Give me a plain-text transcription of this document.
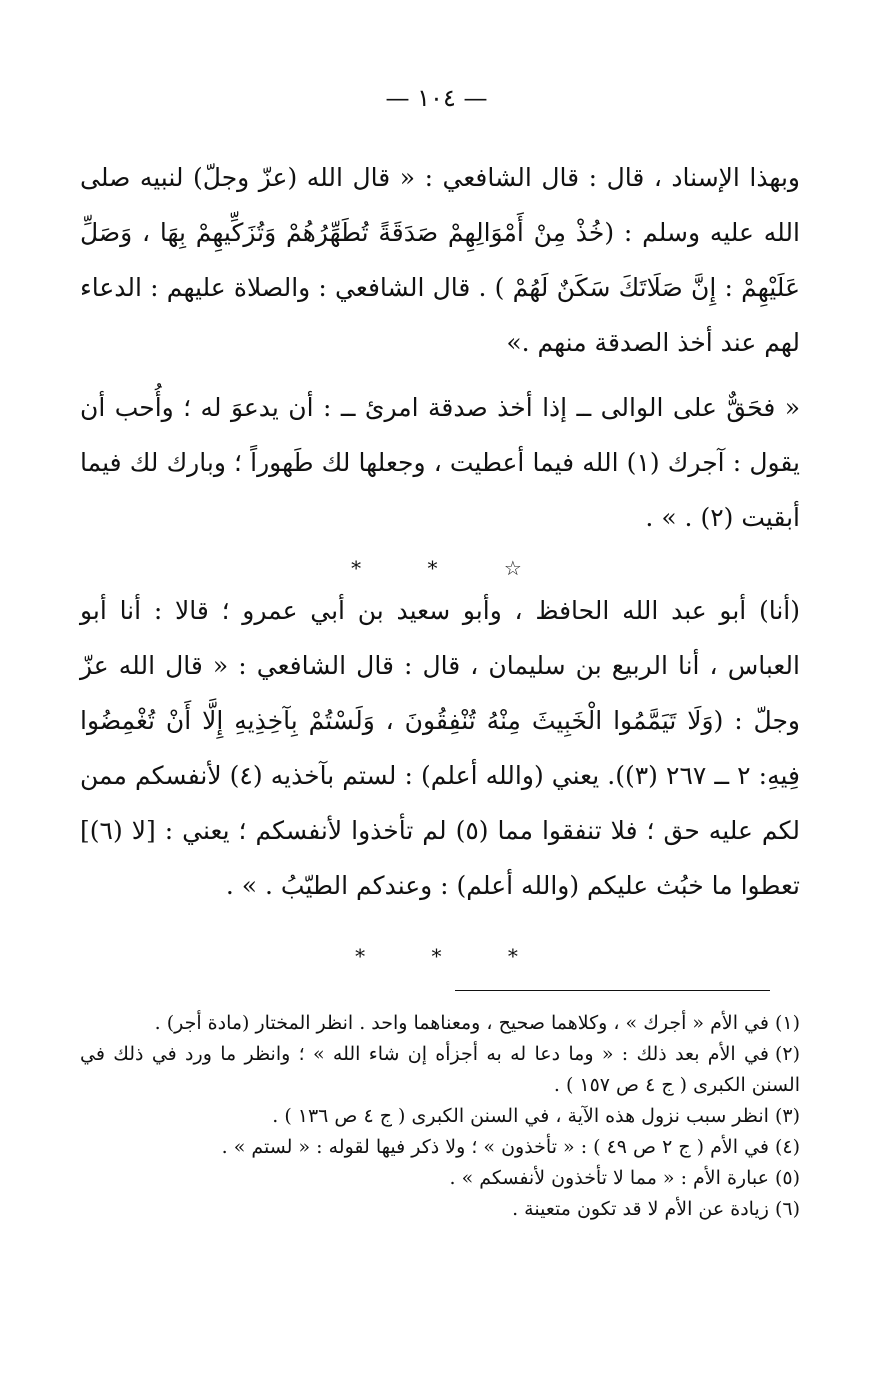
— ١٠٤ —

وبهذا الإسناد ، قال : قال الشافعي : « قال الله (عزّ وجلّ) لنبيه صلى الله عليه وسلم : (خُذْ مِنْ أَمْوَالِهِمْ صَدَقَةً تُطَهِّرُهُمْ وَتُزَكِّيهِمْ بِهَا ، وَصَلِّ عَلَيْهِمْ : إِنَّ صَلَاتَكَ سَكَنٌ لَهُمْ ) . قال الشافعي : والصلاة عليهم : الدعاء لهم عند أخذ الصدقة منهم .»

« فحَقٌّ على الوالى ــ إذا أخذ صدقة امرئ ــ : أن يدعوَ له ؛ وأُحب أن يقول : آجرك (١) الله فيما أعطيت ، وجعلها لك طَهوراً ؛ وبارك لك فيما أبقيت (٢) . » .

* * ☆

(أنا) أبو عبد الله الحافظ ، وأبو سعيد بن أبي عمرو ؛ قالا : أنا أبو العباس ، أنا الربيع بن سليمان ، قال : قال الشافعي : « قال الله عزّ وجلّ : (وَلَا تَيَمَّمُوا الْخَبِيثَ مِنْهُ تُنْفِقُونَ ، وَلَسْتُمْ بِآخِذِيهِ إِلَّا أَنْ تُغْمِضُوا فِيهِ: ٢ ــ ٢٦٧ (٣)). يعني (والله أعلم) : لستم بآخذيه (٤) لأنفسكم ممن لكم عليه حق ؛ فلا تنفقوا مما (٥) لم تأخذوا لأنفسكم ؛ يعني : [لا (٦)] تعطوا ما خبُث عليكم (والله أعلم) : وعندكم الطيّبُ . » .

* * *
(١)في الأم « أجرك » ، وكلاهما صحيح ، ومعناهما واحد . انظر المختار (مادة أجر) .
(٢)في الأم بعد ذلك : « وما دعا له به أجزأه إن شاء الله » ؛ وانظر ما ورد في ذلك في السنن الكبرى ( ج ٤ ص ١٥٧ ) .
(٣)انظر سبب نزول هذه الآية ، في السنن الكبرى ( ج ٤ ص ١٣٦ ) .
(٤)في الأم ( ج ٢ ص ٤٩ ) : « تأخذون » ؛ ولا ذكر فيها لقوله : « لستم » .
(٥)عبارة الأم : « مما لا تأخذون لأنفسكم » .
(٦)زيادة عن الأم لا قد تكون متعينة .
